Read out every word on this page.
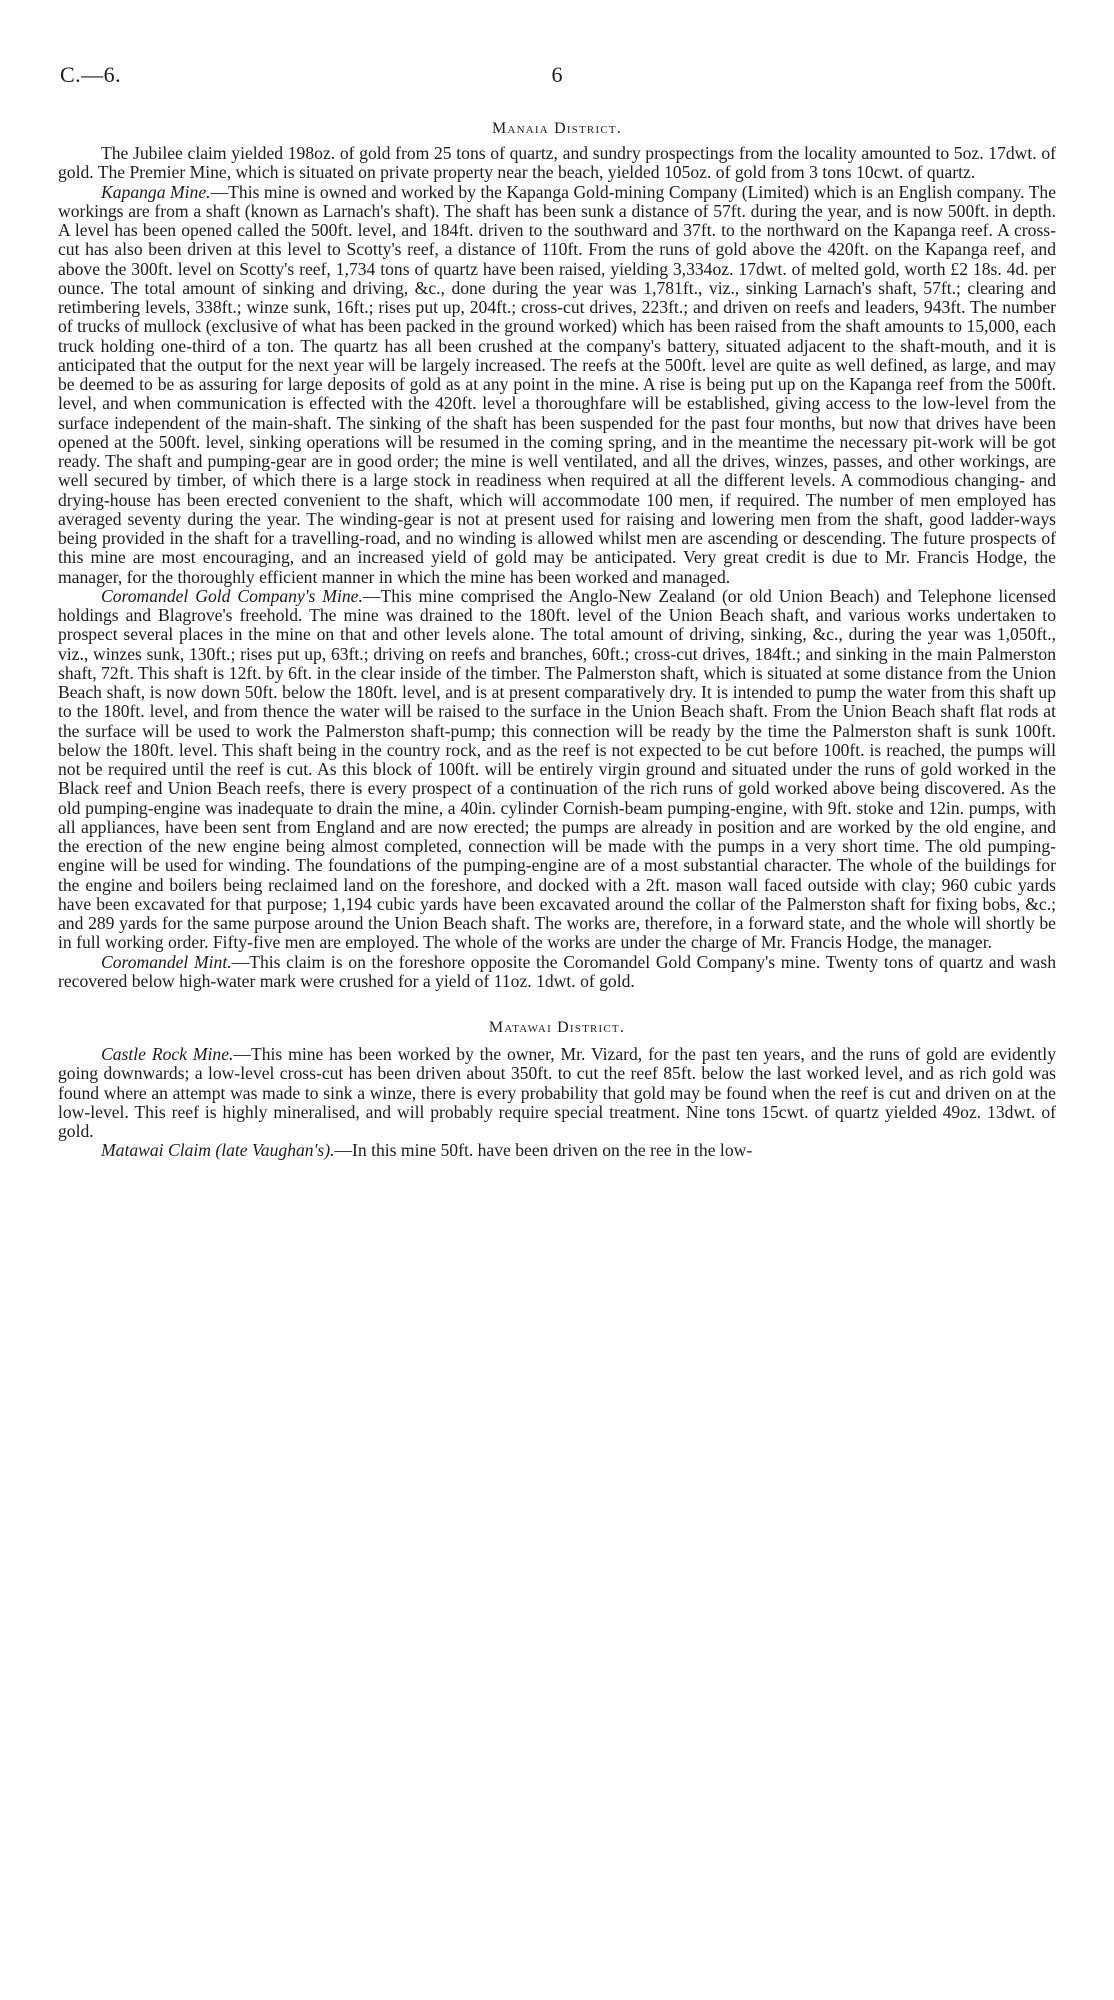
C.—6.	6
Manaia District.

The Jubilee claim yielded 198oz. of gold from 25 tons of quartz, and sundry prospectings from the locality amounted to 5oz. 17dwt. of gold. The Premier Mine, which is situated on private property near the beach, yielded 105oz. of gold from 3 tons 10cwt. of quartz.

Kapanga Mine.—This mine is owned and worked by the Kapanga Gold-mining Company (Limited) which is an English company. The workings are from a shaft (known as Larnach's shaft). The shaft has been sunk a distance of 57ft. during the year, and is now 500ft. in depth. A level has been opened called the 500ft. level, and 184ft. driven to the southward and 37ft. to the northward on the Kapanga reef. A cross-cut has also been driven at this level to Scotty's reef, a distance of 110ft. From the runs of gold above the 420ft. on the Kapanga reef, and above the 300ft. level on Scotty's reef, 1,734 tons of quartz have been raised, yielding 3,334oz. 17dwt. of melted gold, worth £2 18s. 4d. per ounce. The total amount of sinking and driving, &c., done during the year was 1,781ft., viz., sinking Larnach's shaft, 57ft.; clearing and retimbering levels, 338ft.; winze sunk, 16ft.; rises put up, 204ft.; cross-cut drives, 223ft.; and driven on reefs and leaders, 943ft. The number of trucks of mullock (exclusive of what has been packed in the ground worked) which has been raised from the shaft amounts to 15,000, each truck holding one-third of a ton. The quartz has all been crushed at the company's battery, situated adjacent to the shaft-mouth, and it is anticipated that the output for the next year will be largely increased. The reefs at the 500ft. level are quite as well defined, as large, and may be deemed to be as assuring for large deposits of gold as at any point in the mine. A rise is being put up on the Kapanga reef from the 500ft. level, and when communication is effected with the 420ft. level a thoroughfare will be established, giving access to the low-level from the surface independent of the main-shaft. The sinking of the shaft has been suspended for the past four months, but now that drives have been opened at the 500ft. level, sinking operations will be resumed in the coming spring, and in the meantime the necessary pit-work will be got ready. The shaft and pumping-gear are in good order; the mine is well ventilated, and all the drives, winzes, passes, and other workings, are well secured by timber, of which there is a large stock in readiness when required at all the different levels. A commodious changing- and drying-house has been erected convenient to the shaft, which will accommodate 100 men, if required. The number of men employed has averaged seventy during the year. The winding-gear is not at present used for raising and lowering men from the shaft, good ladder-ways being provided in the shaft for a travelling-road, and no winding is allowed whilst men are ascending or descending. The future prospects of this mine are most encouraging, and an increased yield of gold may be anticipated. Very great credit is due to Mr. Francis Hodge, the manager, for the thoroughly efficient manner in which the mine has been worked and managed.

Coromandel Gold Company's Mine.—This mine comprised the Anglo-New Zealand (or old Union Beach) and Telephone licensed holdings and Blagrove's freehold. The mine was drained to the 180ft. level of the Union Beach shaft, and various works undertaken to prospect several places in the mine on that and other levels alone. The total amount of driving, sinking, &c., during the year was 1,050ft., viz., winzes sunk, 130ft.; rises put up, 63ft.; driving on reefs and branches, 60ft.; cross-cut drives, 184ft.; and sinking in the main Palmerston shaft, 72ft. This shaft is 12ft. by 6ft. in the clear inside of the timber. The Palmerston shaft, which is situated at some distance from the Union Beach shaft, is now down 50ft. below the 180ft. level, and is at present comparatively dry. It is intended to pump the water from this shaft up to the 180ft. level, and from thence the water will be raised to the surface in the Union Beach shaft. From the Union Beach shaft flat rods at the surface will be used to work the Palmerston shaft-pump; this connection will be ready by the time the Palmerston shaft is sunk 100ft. below the 180ft. level. This shaft being in the country rock, and as the reef is not expected to be cut before 100ft. is reached, the pumps will not be required until the reef is cut. As this block of 100ft. will be entirely virgin ground and situated under the runs of gold worked in the Black reef and Union Beach reefs, there is every prospect of a continuation of the rich runs of gold worked above being discovered. As the old pumping-engine was inadequate to drain the mine, a 40in. cylinder Cornish-beam pumping-engine, with 9ft. stoke and 12in. pumps, with all appliances, have been sent from England and are now erected; the pumps are already in position and are worked by the old engine, and the erection of the new engine being almost completed, connection will be made with the pumps in a very short time. The old pumping-engine will be used for winding. The foundations of the pumping-engine are of a most substantial character. The whole of the buildings for the engine and boilers being reclaimed land on the foreshore, and docked with a 2ft. mason wall faced outside with clay; 960 cubic yards have been excavated for that purpose; 1,194 cubic yards have been excavated around the collar of the Palmerston shaft for fixing bobs, &c.; and 289 yards for the same purpose around the Union Beach shaft. The works are, therefore, in a forward state, and the whole will shortly be in full working order. Fifty-five men are employed. The whole of the works are under the charge of Mr. Francis Hodge, the manager.

Coromandel Mint.—This claim is on the foreshore opposite the Coromandel Gold Company's mine. Twenty tons of quartz and wash recovered below high-water mark were crushed for a yield of 11oz. 1dwt. of gold.

Matawai District.

Castle Rock Mine.—This mine has been worked by the owner, Mr. Vizard, for the past ten years, and the runs of gold are evidently going downwards; a low-level cross-cut has been driven about 350ft. to cut the reef 85ft. below the last worked level, and as rich gold was found where an attempt was made to sink a winze, there is every probability that gold may be found when the reef is cut and driven on at the low-level. This reef is highly mineralised, and will probably require special treatment. Nine tons 15cwt. of quartz yielded 49oz. 13dwt. of gold.

Matawai Claim (late Vaughan's).—In this mine 50ft. have been driven on the ree in the low-
